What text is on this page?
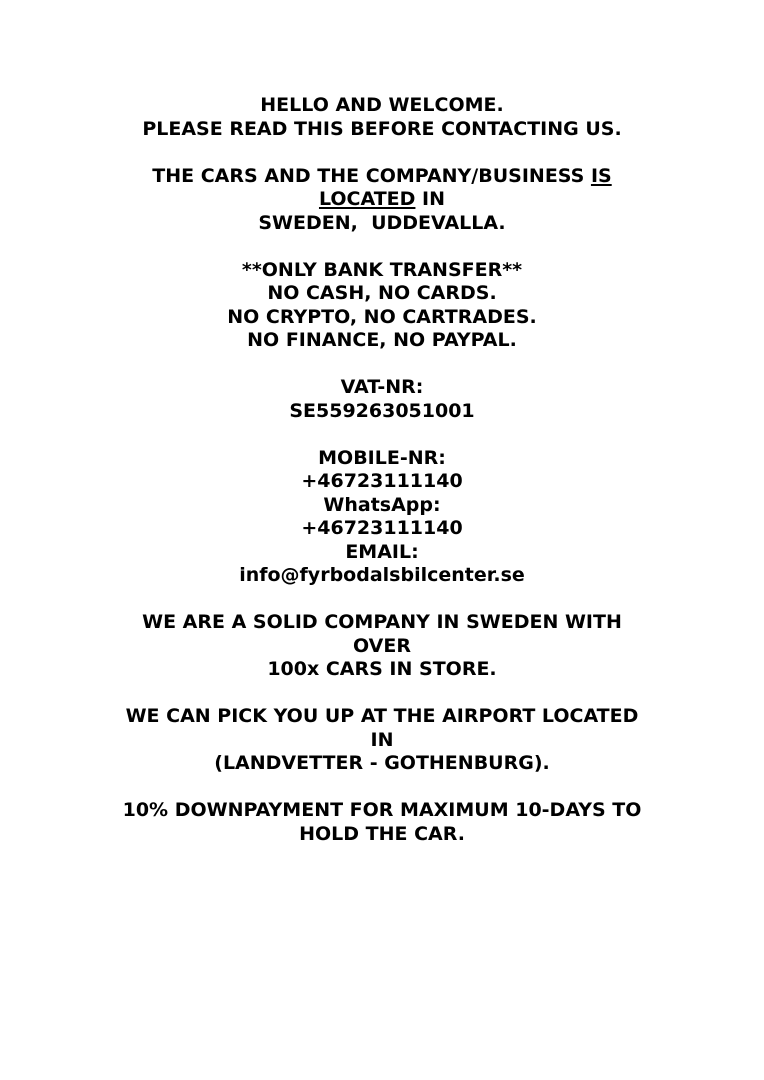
HELLO AND WELCOME.
PLEASE READ THIS BEFORE CONTACTING US.
THE CARS AND THE COMPANY/BUSINESS IS
LOCATED IN
SWEDEN,  UDDEVALLA.
**ONLY BANK TRANSFER**
NO CASH, NO CARDS.
NO CRYPTO, NO CARTRADES.
NO FINANCE, NO PAYPAL.
VAT-NR:
SE559263051001
MOBILE-NR:
+46723111140
WhatsApp:
+46723111140
EMAIL:
info@fyrbodalsbilcenter.se
WE ARE A SOLID COMPANY IN SWEDEN WITH
OVER
100x CARS IN STORE.
WE CAN PICK YOU UP AT THE AIRPORT LOCATED
IN
(LANDVETTER - GOTHENBURG).
10% DOWNPAYMENT FOR MAXIMUM 10-DAYS TO
HOLD THE CAR.
